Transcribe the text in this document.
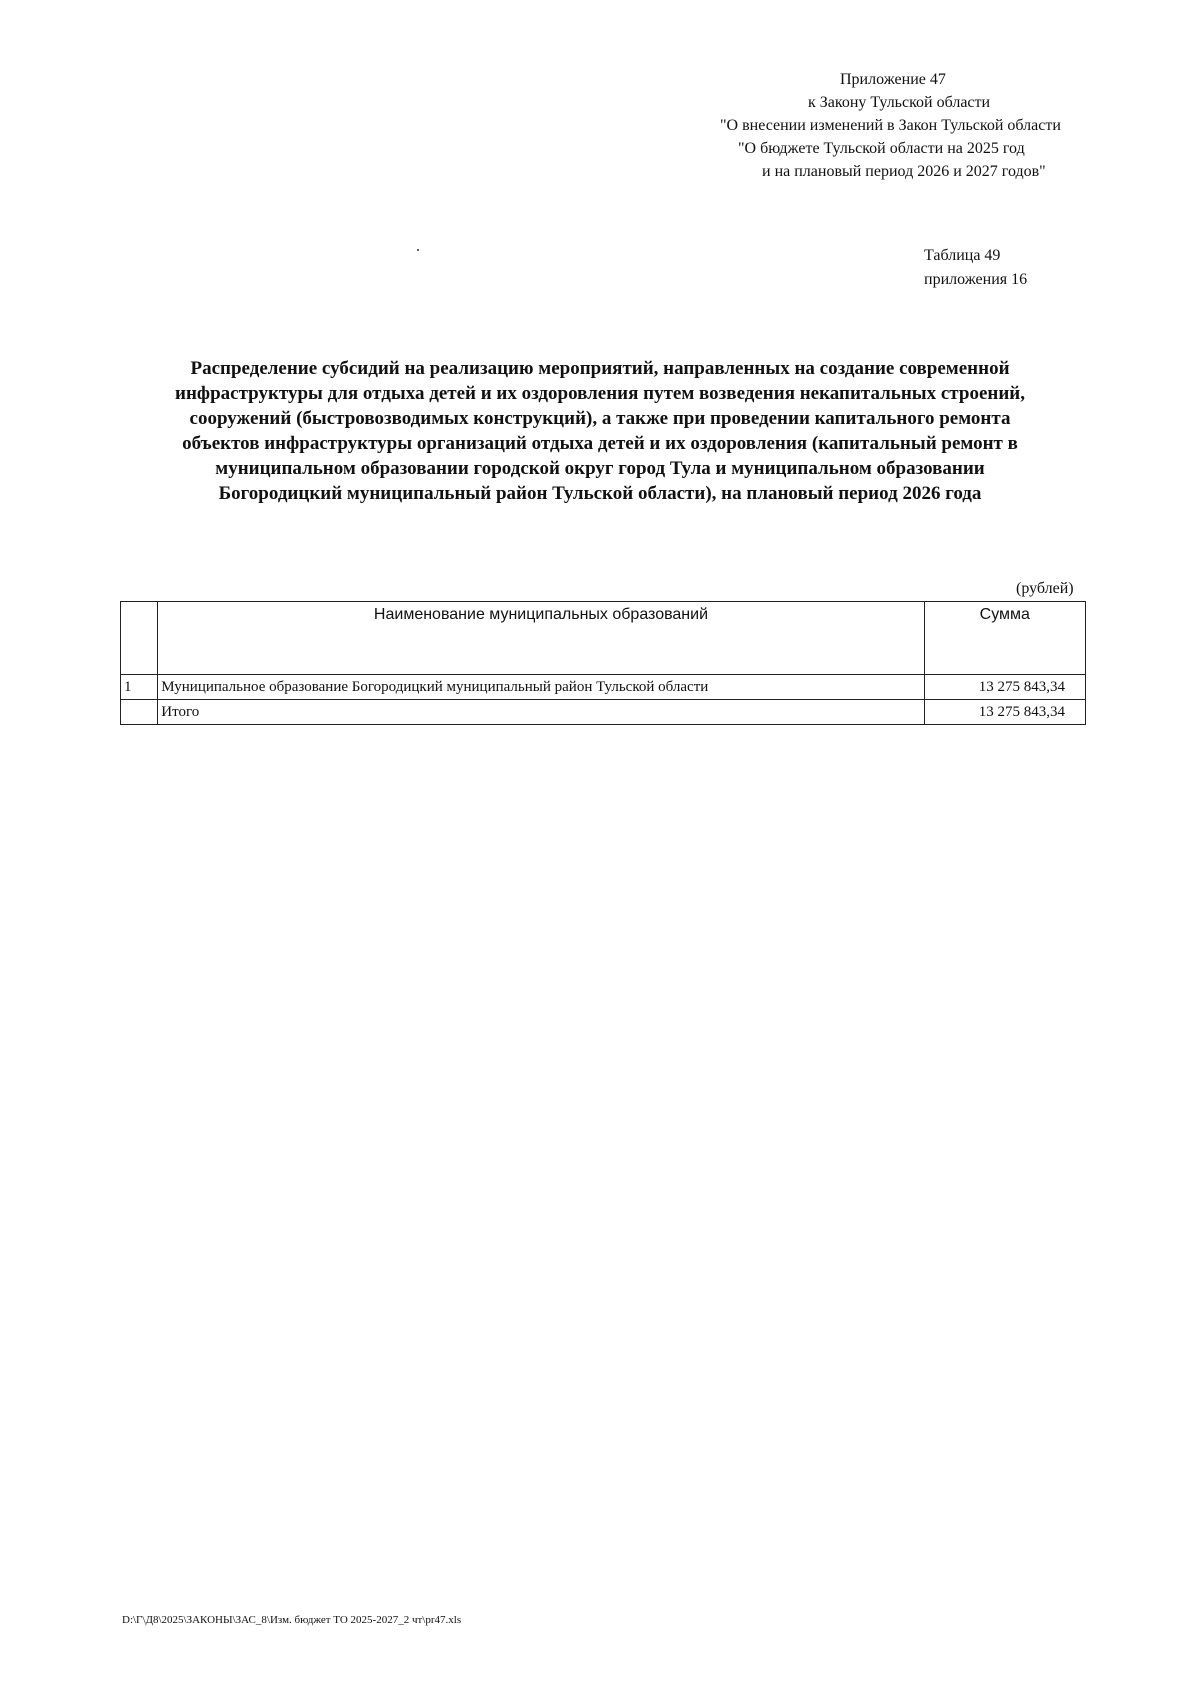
Приложение 47
к Закону Тульской области
"О внесении изменений в Закон Тульской области
"О бюджете Тульской области на 2025 год
и на плановый период 2026 и 2027 годов"
Таблица 49
приложения 16
Распределение субсидий на реализацию мероприятий, направленных на создание современной
инфраструктуры для отдыха детей и их оздоровления путем возведения некапитальных строений,
сооружений (быстровозводимых конструкций), а также при проведении капитального ремонта
объектов инфраструктуры организаций отдыха детей и их оздоровления (капитальный ремонт в
муниципальном образовании городской округ город Тула и муниципальном образовании
Богородицкий муниципальный район Тульской области), на плановый период 2026 года
(рублей)
	Наименование муниципальных образований	Сумма
1	Муниципальное образование Богородицкий муниципальный район Тульской области	13 275 843,34
	Итого	13 275 843,34
D:\Г\Д8\2025\ЗАКОНЫ\ЗАС_8\Изм. бюджет ТО 2025-2027_2 чт\pr47.xls
